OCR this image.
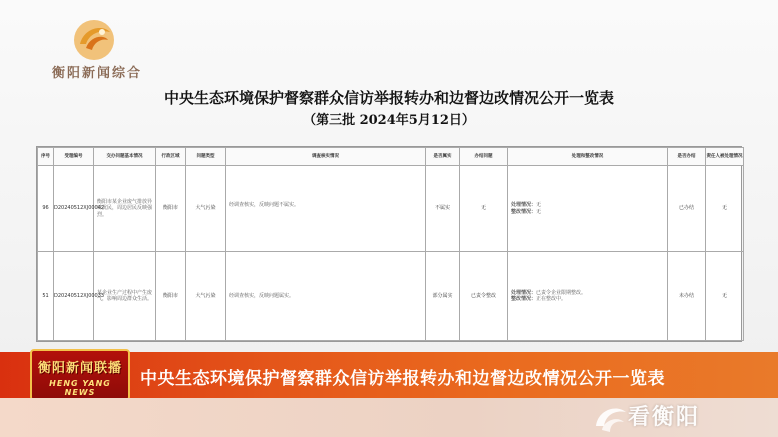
衡阳新闻综合
中央生态环境保护督察群众信访举报转办和边督边改情况公开一览表
（第三批 2024年5月12日）
序号	受理编号	交办问题基本情况	行政区域	问题类型	调查核实情况	是否属实	办结问题	处理和整改情况	是否办结	责任人被处理情况
96	D20240512XJ00042	衡阳市某企业废气排放异味扰民，周边居民反映强烈。	衡阳市	大气污染	经调查核实，反映问题不属实。	不属实	无	处理情况：无
整改情况：无	已办结	无
51	D20240512XJ00033	某企业生产过程中产生废气，影响周边群众生活。	衡阳市	大气污染	经调查核实，反映问题属实。	部分属实	已责令整改	处理情况：已责令企业限期整改。
整改情况：正在整改中。	未办结	无
衡阳新闻联播
HENG YANG NEWS
中央生态环境保护督察群众信访举报转办和边督边改情况公开一览表
看衡阳
